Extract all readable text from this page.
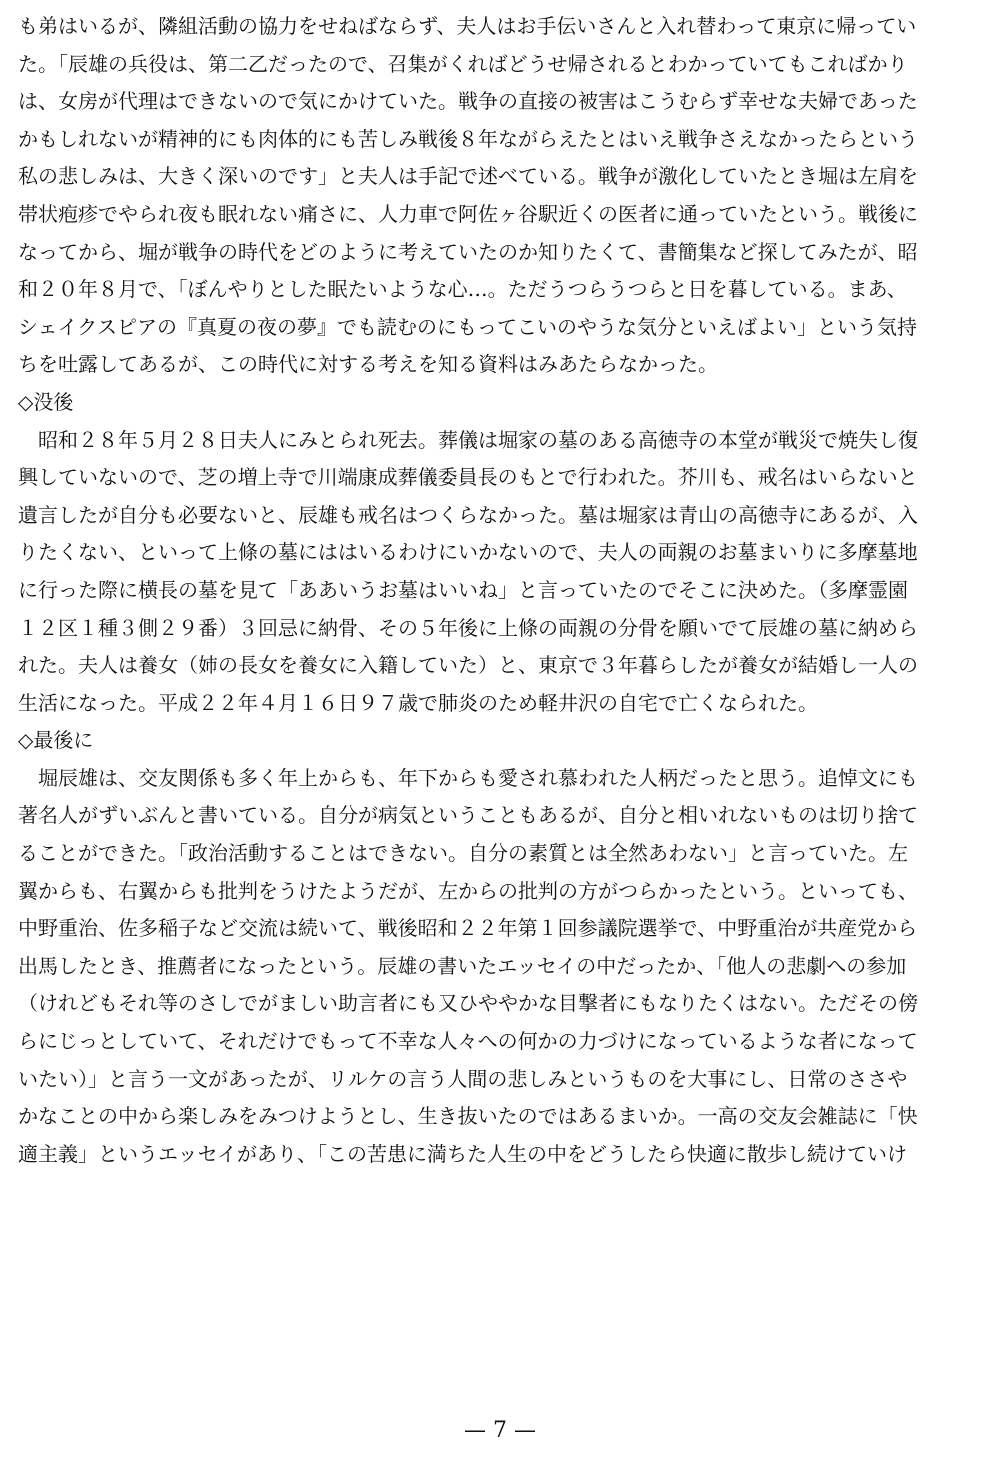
も弟はいるが、隣組活動の協力をせねばならず、夫人はお手伝いさんと入れ替わって東京に帰ってい
た。「辰雄の兵役は、第二乙だったので、召集がくればどうせ帰されるとわかっていてもこればかり
は、女房が代理はできないので気にかけていた。戦争の直接の被害はこうむらず幸せな夫婦であった
かもしれないが精神的にも肉体的にも苦しみ戦後８年ながらえたとはいえ戦争さえなかったらという
私の悲しみは、大きく深いのです」と夫人は手記で述べている。戦争が激化していたとき堀は左肩を
帯状疱疹でやられ夜も眠れない痛さに、人力車で阿佐ヶ谷駅近くの医者に通っていたという。戦後に
なってから、堀が戦争の時代をどのように考えていたのか知りたくて、書簡集など探してみたが、昭
和２０年８月で、「ぼんやりとした眠たいような心…。ただうつらうつらと日を暮している。まあ、
シェイクスピアの『真夏の夜の夢』でも読むのにもってこいのやうな気分といえばよい」という気持
ちを吐露してあるが、この時代に対する考えを知る資料はみあたらなかった。
◇没後
　昭和２８年５月２８日夫人にみとられ死去。葬儀は堀家の墓のある高徳寺の本堂が戦災で焼失し復
興していないので、芝の増上寺で川端康成葬儀委員長のもとで行われた。芥川も、戒名はいらないと
遺言したが自分も必要ないと、辰雄も戒名はつくらなかった。墓は堀家は青山の高徳寺にあるが、入
りたくない、といって上條の墓にははいるわけにいかないので、夫人の両親のお墓まいりに多摩墓地
に行った際に横長の墓を見て「ああいうお墓はいいね」と言っていたのでそこに決めた。（多摩霊園
１２区１種３側２９番）３回忌に納骨、その５年後に上條の両親の分骨を願いでて辰雄の墓に納めら
れた。夫人は養女（姉の長女を養女に入籍していた）と、東京で３年暮らしたが養女が結婚し一人の
生活になった。平成２２年４月１６日９７歳で肺炎のため軽井沢の自宅で亡くなられた。
◇最後に
　堀辰雄は、交友関係も多く年上からも、年下からも愛され慕われた人柄だったと思う。追悼文にも
著名人がずいぶんと書いている。自分が病気ということもあるが、自分と相いれないものは切り捨て
ることができた。「政治活動することはできない。自分の素質とは全然あわない」と言っていた。左
翼からも、右翼からも批判をうけたようだが、左からの批判の方がつらかったという。といっても、
中野重治、佐多稲子など交流は続いて、戦後昭和２２年第１回参議院選挙で、中野重治が共産党から
出馬したとき、推薦者になったという。辰雄の書いたエッセイの中だったか、「他人の悲劇への参加
（けれどもそれ等のさしでがましい助言者にも又ひややかな目撃者にもなりたくはない。ただその傍
らにじっとしていて、それだけでもって不幸な人々への何かの力づけになっているような者になって
いたい）」と言う一文があったが、リルケの言う人間の悲しみというものを大事にし、日常のささや
かなことの中から楽しみをみつけようとし、生き抜いたのではあるまいか。一高の交友会雑誌に「快
適主義」というエッセイがあり、「この苦患に満ちた人生の中をどうしたら快適に散歩し続けていけ
— 7 —
